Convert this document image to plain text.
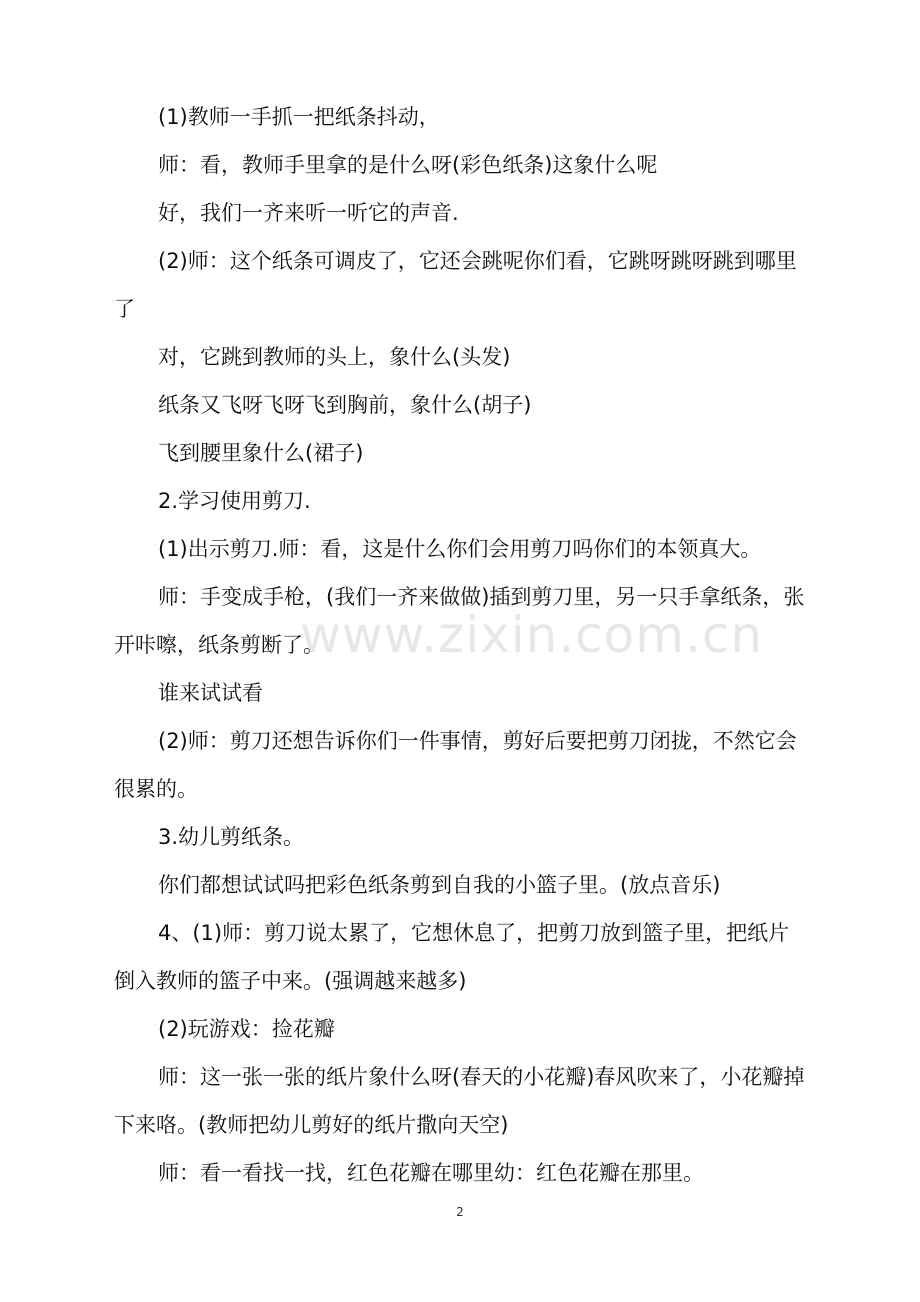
(1)教师一手抓一把纸条抖动，

师：看，教师手里拿的是什么呀(彩色纸条)这象什么呢

好，我们一齐来听一听它的声音.

(2)师：这个纸条可调皮了，它还会跳呢你们看，它跳呀跳呀跳到哪里了

对，它跳到教师的头上，象什么(头发)

纸条又飞呀飞呀飞到胸前，象什么(胡子)

飞到腰里象什么(裙子)

2.学习使用剪刀.

(1)出示剪刀.师：看，这是什么你们会用剪刀吗你们的本领真大。

师：手变成手枪，(我们一齐来做做)插到剪刀里，另一只手拿纸条，张开咔嚓，纸条剪断了。

谁来试试看

(2)师：剪刀还想告诉你们一件事情，剪好后要把剪刀闭拢，不然它会很累的。

3.幼儿剪纸条。

你们都想试试吗把彩色纸条剪到自我的小篮子里。(放点音乐)

4、(1)师：剪刀说太累了，它想休息了，把剪刀放到篮子里，把纸片倒入教师的篮子中来。(强调越来越多)

(2)玩游戏：捡花瓣

师：这一张一张的纸片象什么呀(春天的小花瓣)春风吹来了，小花瓣掉下来咯。(教师把幼儿剪好的纸片撒向天空)

师：看一看找一找，红色花瓣在哪里幼：红色花瓣在那里。

www.zixin.com.cn
2
